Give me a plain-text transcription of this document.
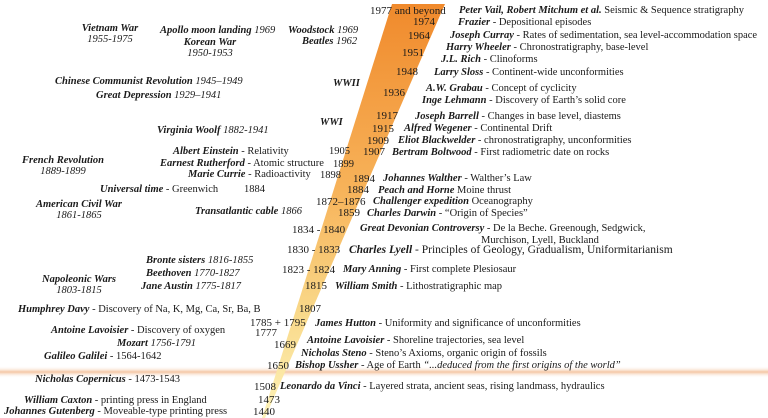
1977 and beyond
1974
1964
1951
1948
1936
1917
1915
1909
1907
1894
1884
1872–1876
1859
1834 - 1840
1830 - 1833
1823 - 1824
1815
1807
1785 + 1795
1777
1669
1650
1508
1473
1440
Peter Vail, Robert Mitchum et al. Seismic & Sequence stratigraphy
Frazier - Depositional episodes
Joseph Curray - Rates of sedimentation, sea level-accommodation space
Harry Wheeler - Chronostratigraphy, base-level
J.L. Rich - Clinoforms
Larry Sloss - Continent-wide unconformities
A.W. Grabau - Concept of cyclicity
Inge Lehmann - Discovery of Earth’s solid core
Joseph Barrell - Changes in base level, diastems
Alfred Wegener - Continental Drift
Eliot Blackwelder - chronostratigraphy, unconformities
Bertram Boltwood - First radiometric date on rocks
Johannes Walther - Walther’s Law
Peach and Horne Moine thrust
Challenger expedition Oceanography
Charles Darwin - “Origin of Species”
Great Devonian Controversy - De la Beche. Greenough, Sedgwick,
Murchison, Lyell, Buckland
Charles Lyell - Principles of Geology, Gradualism, Uniformitarianism
Mary Anning - First complete Plesiosaur
William Smith - Lithostratigraphic map
James Hutton - Uniformity and significance of unconformities
Antoine Lavoisier - Shoreline trajectories, sea level
Nicholas Steno - Steno’s Axioms, organic origin of fossils
Bishop Ussher - Age of Earth “...deduced from the first origins of the world”
Leonardo da Vinci - Layered strata, ancient seas, rising landmass, hydraulics
Vietnam War
1955-1975
Apollo moon landing 1969
Korean War
1950-1953
Woodstock 1969
Beatles 1962
Chinese Communist Revolution 1945–1949
Great Depression 1929–1941
WWII
WWI
Virginia Woolf 1882-1941
Albert Einstein - Relativity	1905
Earnest Rutherford - Atomic structure 1899
Marie Currie - Radioactivity 1898
French Revolution
1889-1899
Universal time - Greenwich 1884
American Civil War
1861-1865	Transatlantic cable 1866
Bronte sisters 1816-1855
Beethoven 1770-1827
Jane Austin 1775-1817
Napoleonic Wars
1803-1815
Humphrey Davy - Discovery of Na, K, Mg, Ca, Sr, Ba, B
Antoine Lavoisier - Discovery of oxygen
Mozart 1756-1791
Galileo Galilei - 1564-1642
Nicholas Copernicus - 1473-1543
William Caxton - printing press in England
Johannes Gutenberg - Moveable-type printing press
